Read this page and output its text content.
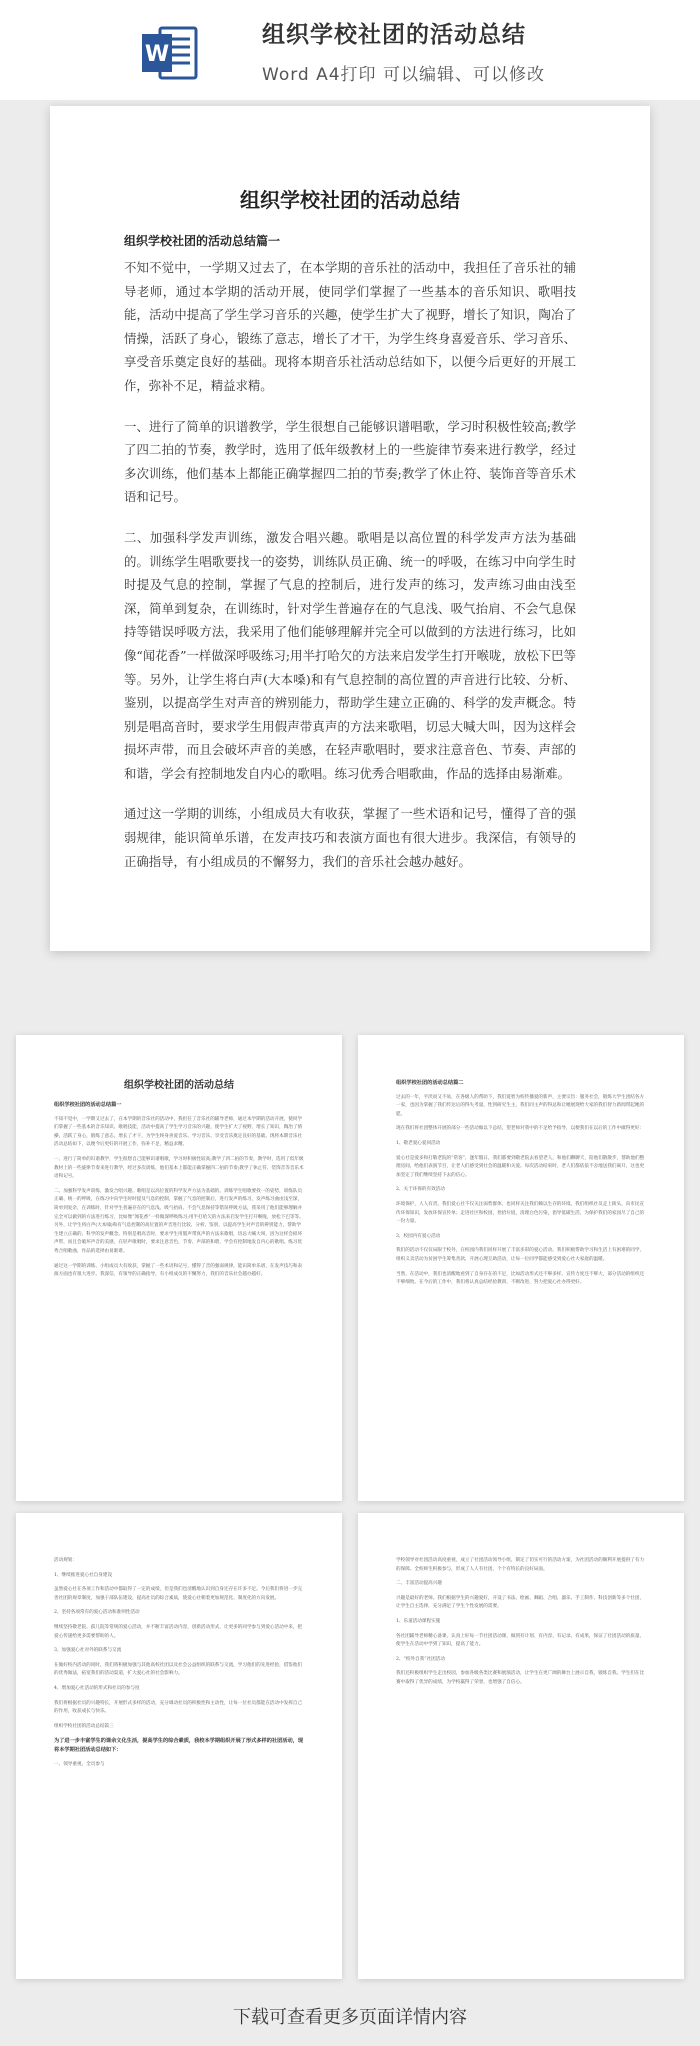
W
组织学校社团的活动总结
Word A4打印 可以编辑、可以修改
组织学校社团的活动总结
组织学校社团的活动总结篇一

不知不觉中，一学期又过去了，在本学期的音乐社的活动中，我担任了音乐社的辅导老师，通过本学期的活动开展，使同学们掌握了一些基本的音乐知识、歌唱技能，活动中提高了学生学习音乐的兴趣，使学生扩大了视野，增长了知识，陶冶了情操，活跃了身心，锻练了意志，增长了才干，为学生终身喜爱音乐、学习音乐、享受音乐奠定良好的基础。现将本期音乐社活动总结如下，以便今后更好的开展工作，弥补不足，精益求精。

一、进行了简单的识谱教学，学生很想自己能够识谱唱歌，学习时积极性较高;教学了四二拍的节奏，教学时，选用了低年级教材上的一些旋律节奏来进行教学，经过多次训练，他们基本上都能正确掌握四二拍的节奏;教学了休止符、装饰音等音乐术语和记号。

二、加强科学发声训练，激发合唱兴趣。歌唱是以高位置的科学发声方法为基础的。训练学生唱歌要找一的姿势，训练队员正确、统一的呼吸，在练习中向学生时时提及气息的控制，掌握了气息的控制后，进行发声的练习，发声练习曲由浅至深，简单到复杂，在训练时，针对学生普遍存在的气息浅、吸气抬肩、不会气息保持等错误呼吸方法，我采用了他们能够理解并完全可以做到的方法进行练习，比如像“闻花香”一样做深呼吸练习;用半打哈欠的方法来启发学生打开喉咙，放松下巴等等。另外，让学生将白声(大本嗓)和有气息控制的高位置的声音进行比较、分析、鉴别，以提高学生对声音的辨别能力，帮助学生建立正确的、科学的发声概念。特别是唱高音时，要求学生用假声带真声的方法来歌唱，切忌大喊大叫，因为这样会损坏声带，而且会破坏声音的美感，在轻声歌唱时，要求注意音色、节奏、声部的和谐，学会有控制地发自内心的歌唱。练习优秀合唱歌曲，作品的选择由易渐难。

通过这一学期的训练，小组成员大有收获，掌握了一些术语和记号，懂得了音的强弱规律，能识简单乐谱，在发声技巧和表演方面也有很大进步。我深信，有领导的正确指导，有小组成员的不懈努力，我们的音乐社会越办越好。

组织学校社团的活动总结
组织学校社团的活动总结篇一

不知不觉中，一学期又过去了，在本学期的音乐社的活动中，我担任了音乐社的辅导老师，通过本学期的活动开展，使同学们掌握了一些基本的音乐知识、歌唱技能，活动中提高了学生学习音乐的兴趣，使学生扩大了视野，增长了知识，陶冶了情操，活跃了身心，锻练了意志，增长了才干，为学生终身喜爱音乐、学习音乐、享受音乐奠定良好的基础。现将本期音乐社活动总结如下，以便今后更好的开展工作，弥补不足，精益求精。

一、进行了简单的识谱教学，学生很想自己能够识谱唱歌，学习时积极性较高;教学了四二拍的节奏，教学时，选用了低年级教材上的一些旋律节奏来进行教学，经过多次训练，他们基本上都能正确掌握四二拍的节奏;教学了休止符、装饰音等音乐术语和记号。

二、加强科学发声训练，激发合唱兴趣。歌唱是以高位置的科学发声方法为基础的。训练学生唱歌要找一的姿势，训练队员正确、统一的呼吸，在练习中向学生时时提及气息的控制，掌握了气息的控制后，进行发声的练习，发声练习曲由浅至深，简单到复杂，在训练时，针对学生普遍存在的气息浅、吸气抬肩、不会气息保持等错误呼吸方法，我采用了他们能够理解并完全可以做到的方法进行练习，比如像“闻花香”一样做深呼吸练习;用半打哈欠的方法来启发学生打开喉咙，放松下巴等等。另外，让学生将白声(大本嗓)和有气息控制的高位置的声音进行比较、分析、鉴别，以提高学生对声音的辨别能力，帮助学生建立正确的、科学的发声概念。特别是唱高音时，要求学生用假声带真声的方法来歌唱，切忌大喊大叫，因为这样会损坏声带，而且会破坏声音的美感，在轻声歌唱时，要求注意音色、节奏、声部的和谐，学会有控制地发自内心的歌唱。练习优秀合唱歌曲，作品的选择由易渐难。

通过这一学期的训练，小组成员大有收获，掌握了一些术语和记号，懂得了音的强弱规律，能识简单乐谱，在发声技巧和表演方面也有很大进步。我深信，有领导的正确指导，有小组成员的不懈努力，我们的音乐社会越办越好。

组织学校社团的活动总结篇二

过去的一年，平淡而又不易，在各级人的帮助下，我们爱智为校传播爱的新声，主要宗旨：服务社会，锻炼大学生团结各方一家，也因为掌握了我们传达后的得失考量，性到研究生主，我们同主声的得总和让她展现给大家的我们智力新闻带起她的愿。

现在我们将社团整体开展的部分一些活动做以下总结，望老师对我中的不足给予指导，以便我们在以后的工作中做得更好：

1、敬老爱心爱回活动

爱心社是爱多和打敬老院的“常客”，逢年假日，我们都要到敬老院去看望老人，和他们聊聊天，陪他们散散步，帮助他们整理房间，给他们表演节目，让老人们感受到社会的温暖和关爱。每次活动结束时，老人们都依依不舍地送我们离开，这也更加坚定了我们继续坚持下去的信心。

2、关于环保的有效活动

环境保护，人人有责。我们爱心社不仅关注弱势群体，也同样关注我们赖以生存的环境。我们组织社员走上街头，向市民宣传环保知识，发放环保宣传单；走进社区和校园，捡拾垃圾，清理白色污染，倡导低碳生活，为保护我们的家园尽了自己的一份力量。

3、校园内有爱心活动

我们的活动不仅仅局限于校外，在校园内我们同样开展了丰富多彩的爱心活动。我们积极帮助学习和生活上有困难的同学，组织义卖活动为贫困学生筹集善款，开展心理互助活动，让每一位同学都能感受到爱心社大家庭的温暖。

当然，在活动中，我们也清醒地看到了自身存在的不足，比如活动形式还不够多样，宣传力度还不够大，部分活动的组织还不够细致。在今后的工作中，我们将认真总结经验教训，不断改进，努力把爱心社办得更好。

活动规划：

1、继续推进爱心社自身建设

虽然爱心社在各项工作和活动中都取得了一定的成绩，但是我们也清醒地认识到自身还存在许多不足。今后我们将进一步完善社团的规章制度，加强干部队伍建设，提高社员的综合素质，使爱心社朝着更加规范化、制度化的方向发展。

2、坚持各项常有的爱心活动和准则性活动

继续坚持敬老院、孤儿院等常规的爱心活动，并不断丰富活动内容，创新活动形式，让更多的同学参与到爱心活动中来，把爱心传递给更多需要帮助的人。

3、加强爱心社对外的联系与交流

在做好校内活动的同时，我们将积极加强与其他高校社团以及社会公益组织的联系与交流，学习他们的先进经验，借鉴他们的优秀做法，拓宽我们的活动渠道，扩大爱心社的社会影响力。

4、增加爱心社活动的形式和社员的参与度

我们将根据社员的兴趣特长，开展形式多样的活动，充分调动社员的积极性和主动性，让每一位社员都能在活动中发挥自己的作用，收获成长与快乐。

组织学校社团的活动总结篇三

为了进一步丰富学生的课余文化生活，提高学生的综合素质，我校本学期组织开展了形式多样的社团活动，现将本学期社团活动总结如下：

一、领导重视，全员参与

学校领导对社团活动高度重视，成立了社团活动领导小组，制定了切实可行的活动方案，为社团活动的顺利开展提供了有力的保障。全校师生积极参与，形成了人人有社团、个个有特长的良好局面。

二、丰富活动提高兴趣

兴趣是最好的老师。我们根据学生的兴趣爱好，开设了书法、绘画、舞蹈、合唱、器乐、手工制作、科技创新等多个社团，让学生自主选择，充分满足了学生个性发展的需要。

1、乐道活动课程实施

各社团辅导老师精心备课，认真上好每一节社团活动课，做到有计划、有内容、有记录、有成果，保证了社团活动的质量，使学生在活动中学到了知识，提高了能力。

2、“校外自我”社团活动

我们还积极组织学生走出校园，参加各级各类比赛和展演活动，让学生在更广阔的舞台上展示自我，锻炼自我。学生们在比赛中取得了优异的成绩，为学校赢得了荣誉，也增强了自信心。

下载可查看更多页面详情内容
